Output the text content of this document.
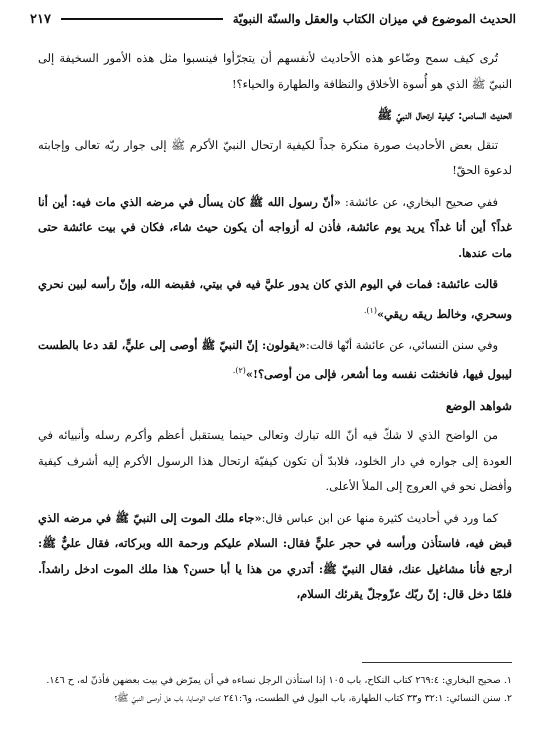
الحديث الموضوع في ميزان الكتاب والعقل والسنّة النبويّة
٢١٧

تُرى كيف سمح وضّاعو هذه الأحاديث لأنفسهم أن يتجرّأوا فينسبوا مثل هذه الأمور السخيفة إلى النبيّ ﷺ الذي هو أُسوة الأخلاق والنظافة والطهارة والحياء؟!

الحديث السادس: كيفية ارتحال النبيّ ﷺ

تنقل بعض الأحاديث صورة منكرة جداً لكيفية ارتحال النبيّ الأكرم ﷺ إلى جوار ربّه تعالى وإجابته لدعوة الحقّ!

ففي صحيح البخاري، عن عائشة: «أنّ رسول الله ﷺ كان يسأل في مرضه الذي مات فيه: أين أنا غداً؟ أين أنا غداً؟ يريد يوم عائشة، فأذن له أزواجه أن يكون حيث شاء، فكان في بيت عائشة حتى مات عندها.

قالت عائشة: فمات في اليوم الذي كان يدور عليَّ فيه في بيتي، فقبضه الله، وإنّ رأسه لبين نحري وسحري، وخالط ريقه ريقي»$^{(١).}$

وفي سنن النسائي، عن عائشة أنّها قالت:«يقولون: إنّ النبيّ ﷺ أوصى إلى عليٍّ، لقد دعا بالطست ليبول فيها، فانخنثت نفسه وما أشعر، فإلى من أوصى؟!»$^{(٢).}$

شواهد الوضع

من الواضح الذي لا شكّ فيه أنّ الله تبارك وتعالى حينما يستقبل أعظم وأكرم رسله وأنبيائه في العودة إلى جواره في دار الخلود، فلابدّ أن تكون كيفيّة ارتحال هذا الرسول الأكرم إليه أشرف كيفية وأفضل نحو في العروج إلى الملأ الأعلى.

كما ورد في أحاديث كثيرة منها عن ابن عباس قال:«جاء ملك الموت إلى النبيّ ﷺ في مرضه الذي قبض فيه، فاستأذن ورأسه في حجر عليٍّ فقال: السلام عليكم ورحمة الله وبركاته، فقال عليٌّ ﷺ: ارجع فأنا مشاغيل عنك، فقال النبيّ ﷺ: أتدري من هذا يا أبا حسن؟ هذا ملك الموت ادخل راشداً. فلمّا دخل قال: إنّ ربّك عزّوجلّ يقرئك السلام،

١. صحيح البخاري: ٢٦٩:٤ كتاب النكاح، باب ١٠٥ إذا استأذن الرجل نساءه في أن يمرّض في بيت بعضهن فأذنّ له، ح ١٤٦.

٢. سنن النسائي: ٣٢:١ و٣٣ كتاب الطهارة، باب البول في الطست، و٢٤١:٦ كتاب الوصايا، باب هل أوصى النبيّ ﷺ؟
